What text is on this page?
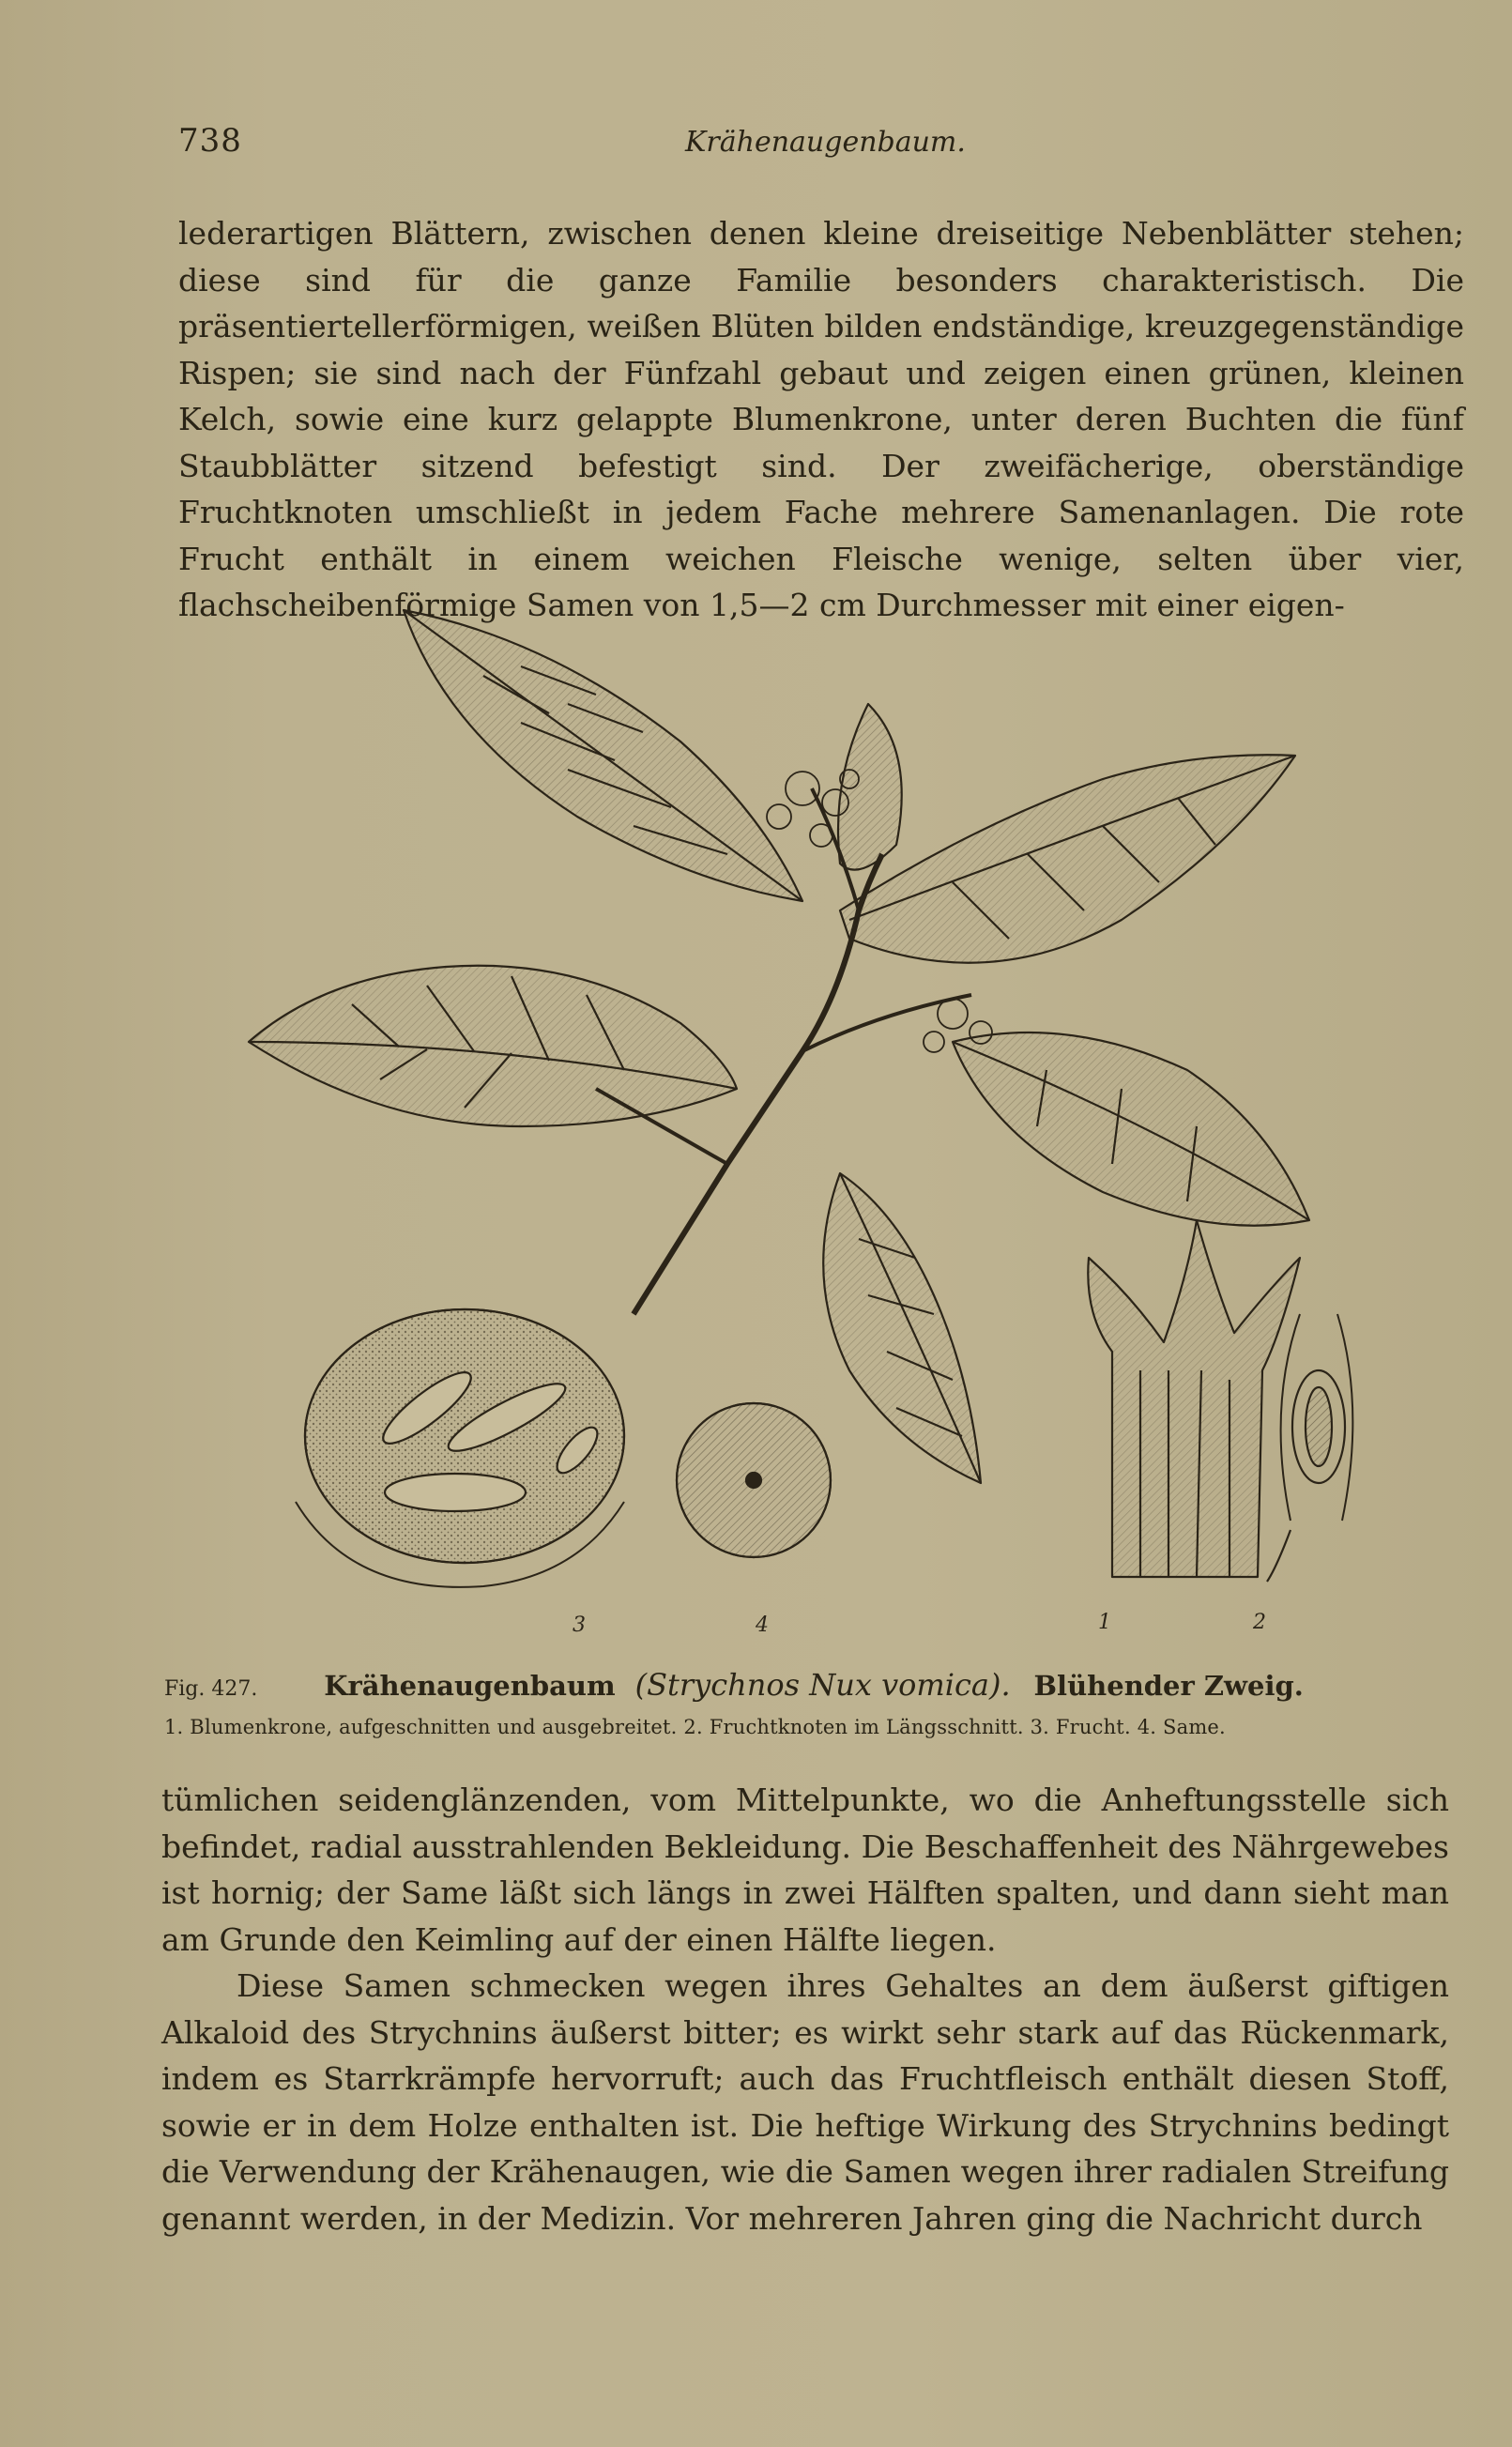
738	Krähenaugenbaum.

lederartigen Blättern, zwischen denen kleine dreiseitige Nebenblätter stehen; diese sind für die ganze Familie besonders charakteristisch. Die präsentiertellerförmigen, weißen Blüten bilden endständige, kreuzgegenständige Rispen; sie sind nach der Fünfzahl gebaut und zeigen einen grünen, kleinen Kelch, sowie eine kurz gelappte Blumenkrone, unter deren Buchten die fünf Staubblätter sitzend befestigt sind. Der zweifächerige, oberständige Fruchtknoten umschließt in jedem Fache mehrere Samenanlagen. Die rote Frucht enthält in einem weichen Fleische wenige, selten über vier, flachscheibenförmige Samen von 1,5—2 cm Durchmesser mit einer eigen-

3	4	1	2
Fig. 427. Krähenaugenbaum (Strychnos Nux vomica). Blühender Zweig.
1. Blumenkrone, aufgeschnitten und ausgebreitet. 2. Fruchtknoten im Längsschnitt. 3. Frucht. 4. Same.

tümlichen seidenglänzenden, vom Mittelpunkte, wo die Anheftungsstelle sich befindet, radial ausstrahlenden Bekleidung. Die Beschaffenheit des Nährgewebes ist hornig; der Same läßt sich längs in zwei Hälften spalten, und dann sieht man am Grunde den Keimling auf der einen Hälfte liegen.

Diese Samen schmecken wegen ihres Gehaltes an dem äußerst giftigen Alkaloid des Strychnins äußerst bitter; es wirkt sehr stark auf das Rückenmark, indem es Starrkrämpfe hervorruft; auch das Fruchtfleisch enthält diesen Stoff, sowie er in dem Holze enthalten ist. Die heftige Wirkung des Strychnins bedingt die Verwendung der Krähenaugen, wie die Samen wegen ihrer radialen Streifung genannt werden, in der Medizin. Vor mehreren Jahren ging die Nachricht durch
